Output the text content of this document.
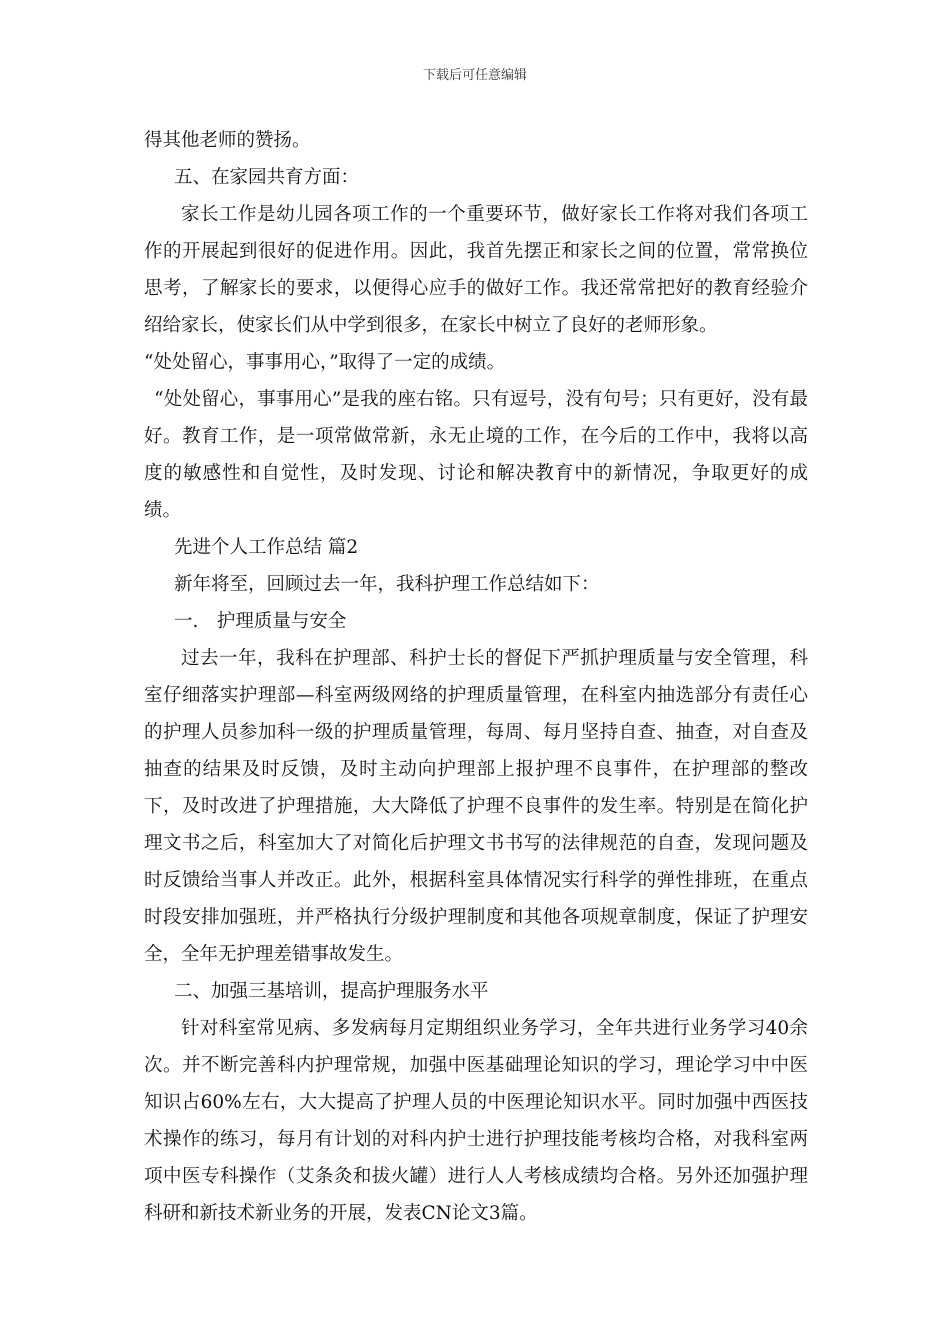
下载后可任意编辑

得其他老师的赞扬。

五、在家园共育方面：

家长工作是幼儿园各项工作的一个重要环节，做好家长工作将对我们各项工作的开展起到很好的促进作用。因此，我首先摆正和家长之间的位置，常常换位思考，了解家长的要求，以便得心应手的做好工作。我还常常把好的教育经验介绍给家长，使家长们从中学到很多，在家长中树立了良好的老师形象。

“处处留心，事事用心，”取得了一定的成绩。

“处处留心，事事用心”是我的座右铭。只有逗号，没有句号；只有更好，没有最好。教育工作，是一项常做常新，永无止境的工作，在今后的工作中，我将以高度的敏感性和自觉性，及时发现、讨论和解决教育中的新情况，争取更好的成绩。

先进个人工作总结 篇2

新年将至，回顾过去一年，我科护理工作总结如下：

一.　护理质量与安全

过去一年，我科在护理部、科护士长的督促下严抓护理质量与安全管理，科室仔细落实护理部—科室两级网络的护理质量管理，在科室内抽选部分有责任心的护理人员参加科一级的护理质量管理，每周、每月坚持自查、抽查，对自查及抽查的结果及时反馈，及时主动向护理部上报护理不良事件，在护理部的整改下，及时改进了护理措施，大大降低了护理不良事件的发生率。特别是在简化护理文书之后，科室加大了对简化后护理文书书写的法律规范的自查，发现问题及时反馈给当事人并改正。此外，根据科室具体情况实行科学的弹性排班，在重点时段安排加强班，并严格执行分级护理制度和其他各项规章制度，保证了护理安全，全年无护理差错事故发生。

二、加强三基培训，提高护理服务水平

针对科室常见病、多发病每月定期组织业务学习，全年共进行业务学习40余次。并不断完善科内护理常规，加强中医基础理论知识的学习，理论学习中中医知识占60%左右，大大提高了护理人员的中医理论知识水平。同时加强中西医技术操作的练习，每月有计划的对科内护士进行护理技能考核均合格，对我科室两项中医专科操作（艾条灸和拔火罐）进行人人考核成绩均合格。另外还加强护理科研和新技术新业务的开展，发表CN论文3篇。
